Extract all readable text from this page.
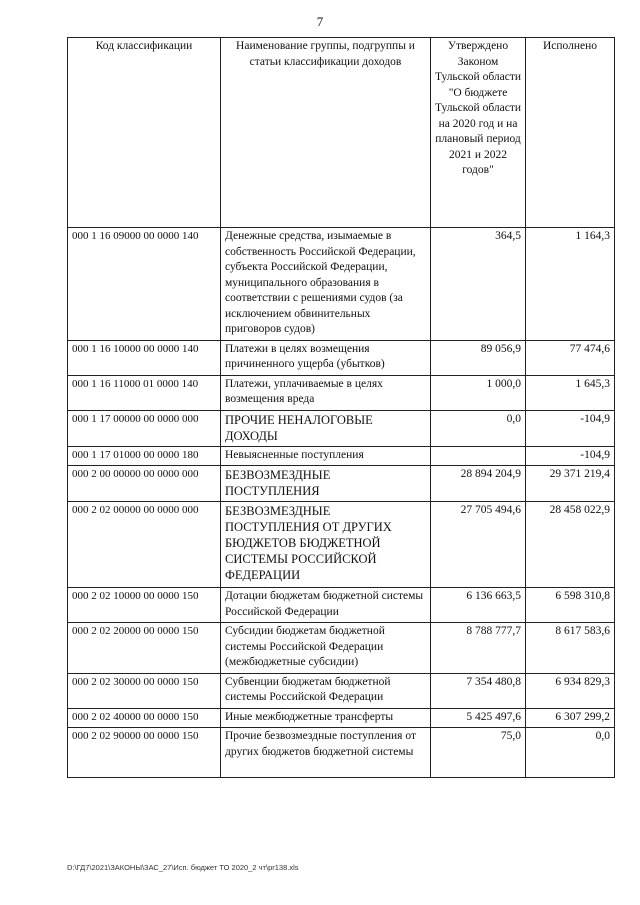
7
Код классификации	Наименование группы, подгруппы и статьи классификации доходов	Утверждено Законом Тульской области "О бюджете Тульской области на 2020 год и на плановый период 2021 и 2022 годов"	Исполнено
000 1 16 09000 00 0000 140	Денежные средства, изымаемые в собственность Российской Федерации, субъекта Российской Федерации, муниципального образования в соответствии с решениями судов (за исключением обвинительных приговоров судов)	364,5	1 164,3
000 1 16 10000 00 0000 140	Платежи в целях возмещения причиненного ущерба (убытков)	89 056,9	77 474,6
000 1 16 11000 01 0000 140	Платежи, уплачиваемые в целях возмещения вреда	1 000,0	1 645,3
000 1 17 00000 00 0000 000	ПРОЧИЕ НЕНАЛОГОВЫЕ ДОХОДЫ	0,0	-104,9
000 1 17 01000 00 0000 180	Невыясненные поступления		-104,9
000 2 00 00000 00 0000 000	БЕЗВОЗМЕЗДНЫЕ ПОСТУПЛЕНИЯ	28 894 204,9	29 371 219,4
000 2 02 00000 00 0000 000	БЕЗВОЗМЕЗДНЫЕ ПОСТУПЛЕНИЯ ОТ ДРУГИХ БЮДЖЕТОВ БЮДЖЕТНОЙ СИСТЕМЫ РОССИЙСКОЙ ФЕДЕРАЦИИ	27 705 494,6	28 458 022,9
000 2 02 10000 00 0000 150	Дотации бюджетам бюджетной системы Российской Федерации	6 136 663,5	6 598 310,8
000 2 02 20000 00 0000 150	Субсидии бюджетам бюджетной системы Российской Федерации (межбюджетные субсидии)	8 788 777,7	8 617 583,6
000 2 02 30000 00 0000 150	Субвенции бюджетам бюджетной системы Российской Федерации	7 354 480,8	6 934 829,3
000 2 02 40000 00 0000 150	Иные межбюджетные трансферты	5 425 497,6	6 307 299,2
000 2 02 90000 00 0000 150	Прочие безвозмездные поступления от других бюджетов бюджетной системы	75,0	0,0
D:\ГД7\2021\ЗАКОНЫ\ЗАС_27\Исп. бюджет ТО 2020_2 чт\pr138.xls
